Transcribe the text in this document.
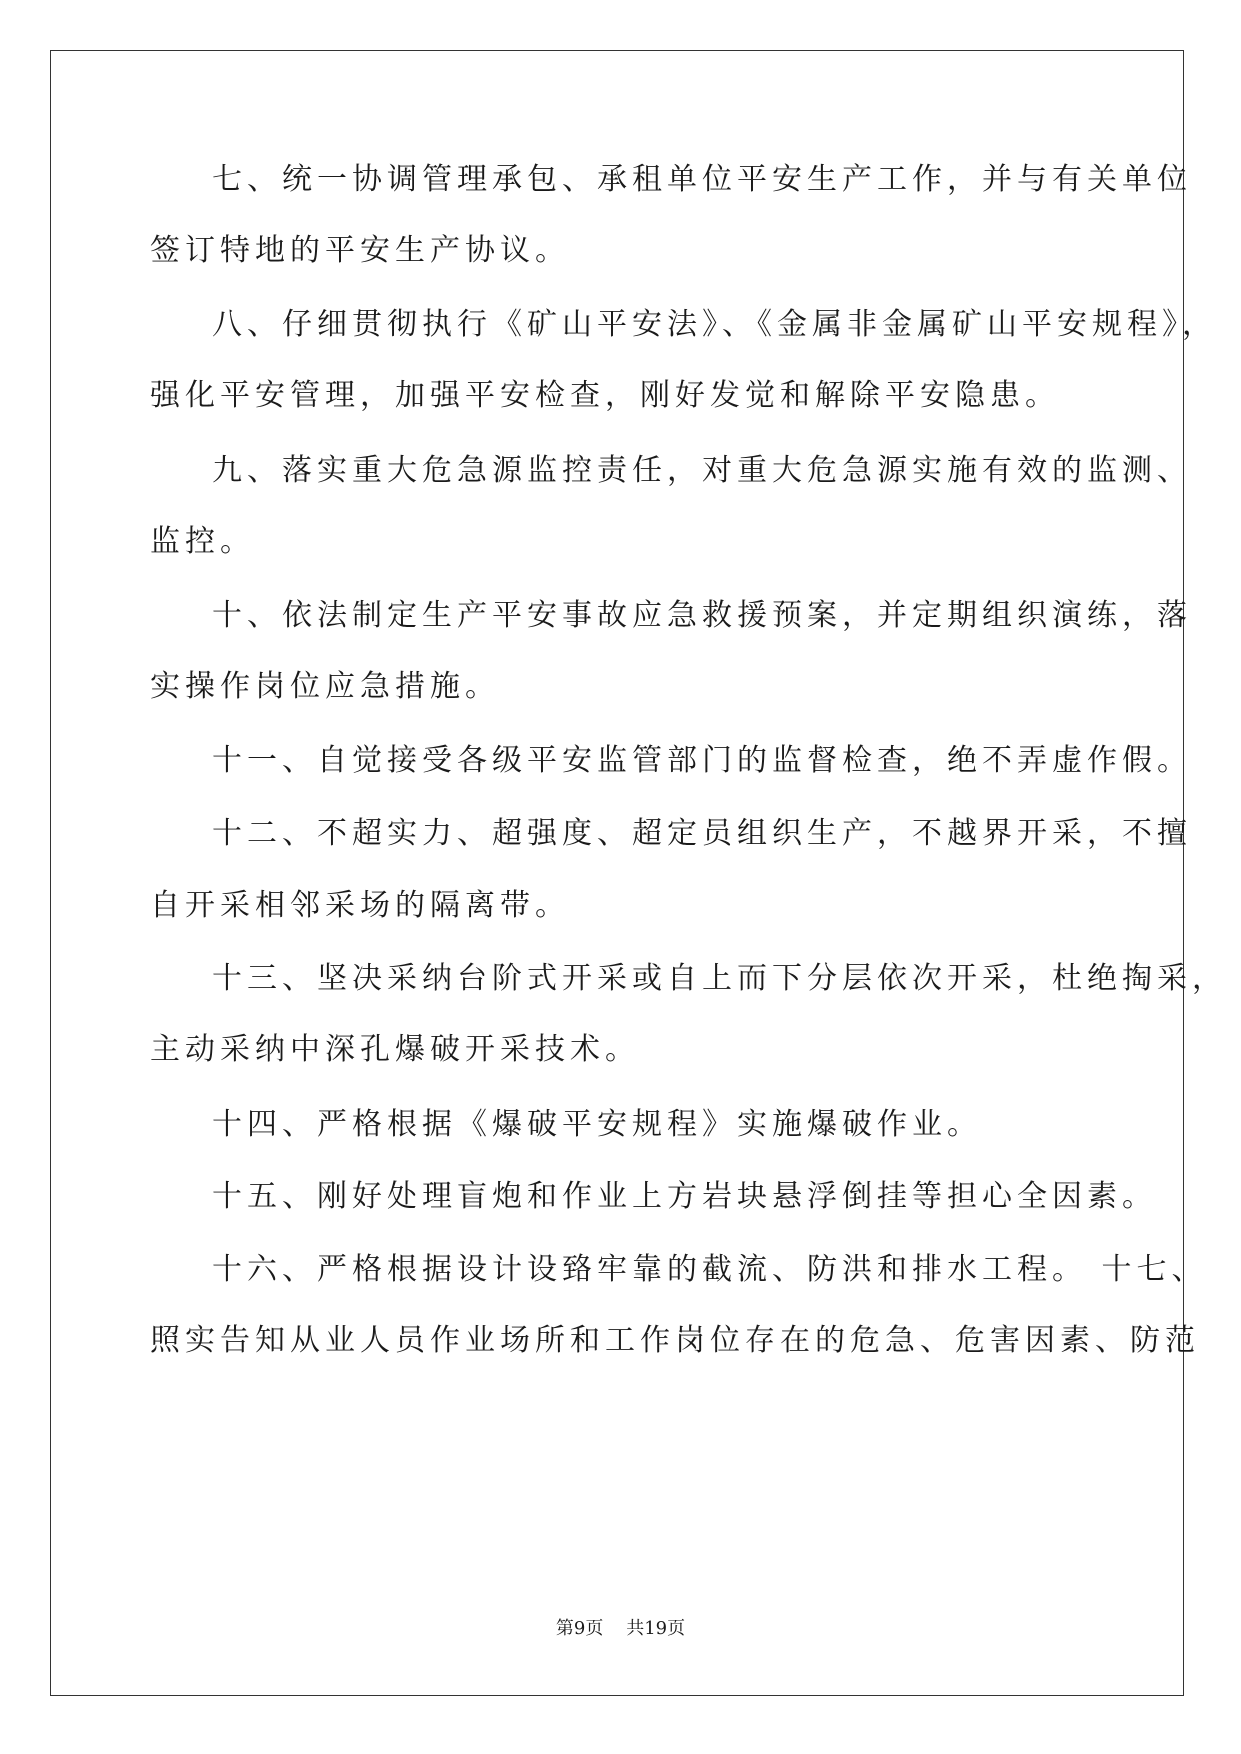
七、统一协调管理承包、承租单位平安生产工作，并与有关单位
签订特地的平安生产协议。
八、仔细贯彻执行《矿山平安法》、《金属非金属矿山平安规程》，
强化平安管理，加强平安检查，刚好发觉和解除平安隐患。
九、落实重大危急源监控责任，对重大危急源实施有效的监测、
监控。
十、依法制定生产平安事故应急救援预案，并定期组织演练，落
实操作岗位应急措施。
十一、自觉接受各级平安监管部门的监督检查，绝不弄虚作假。
十二、不超实力、超强度、超定员组织生产，不越界开采，不擅
自开采相邻采场的隔离带。
十三、坚决采纳台阶式开采或自上而下分层依次开采，杜绝掏采，
主动采纳中深孔爆破开采技术。
十四、严格根据《爆破平安规程》实施爆破作业。
十五、刚好处理盲炮和作业上方岩块悬浮倒挂等担心全因素。
十六、严格根据设计设臵牢靠的截流、防洪和排水工程。 十七、
照实告知从业人员作业场所和工作岗位存在的危急、危害因素、防范
第9页    共19页
